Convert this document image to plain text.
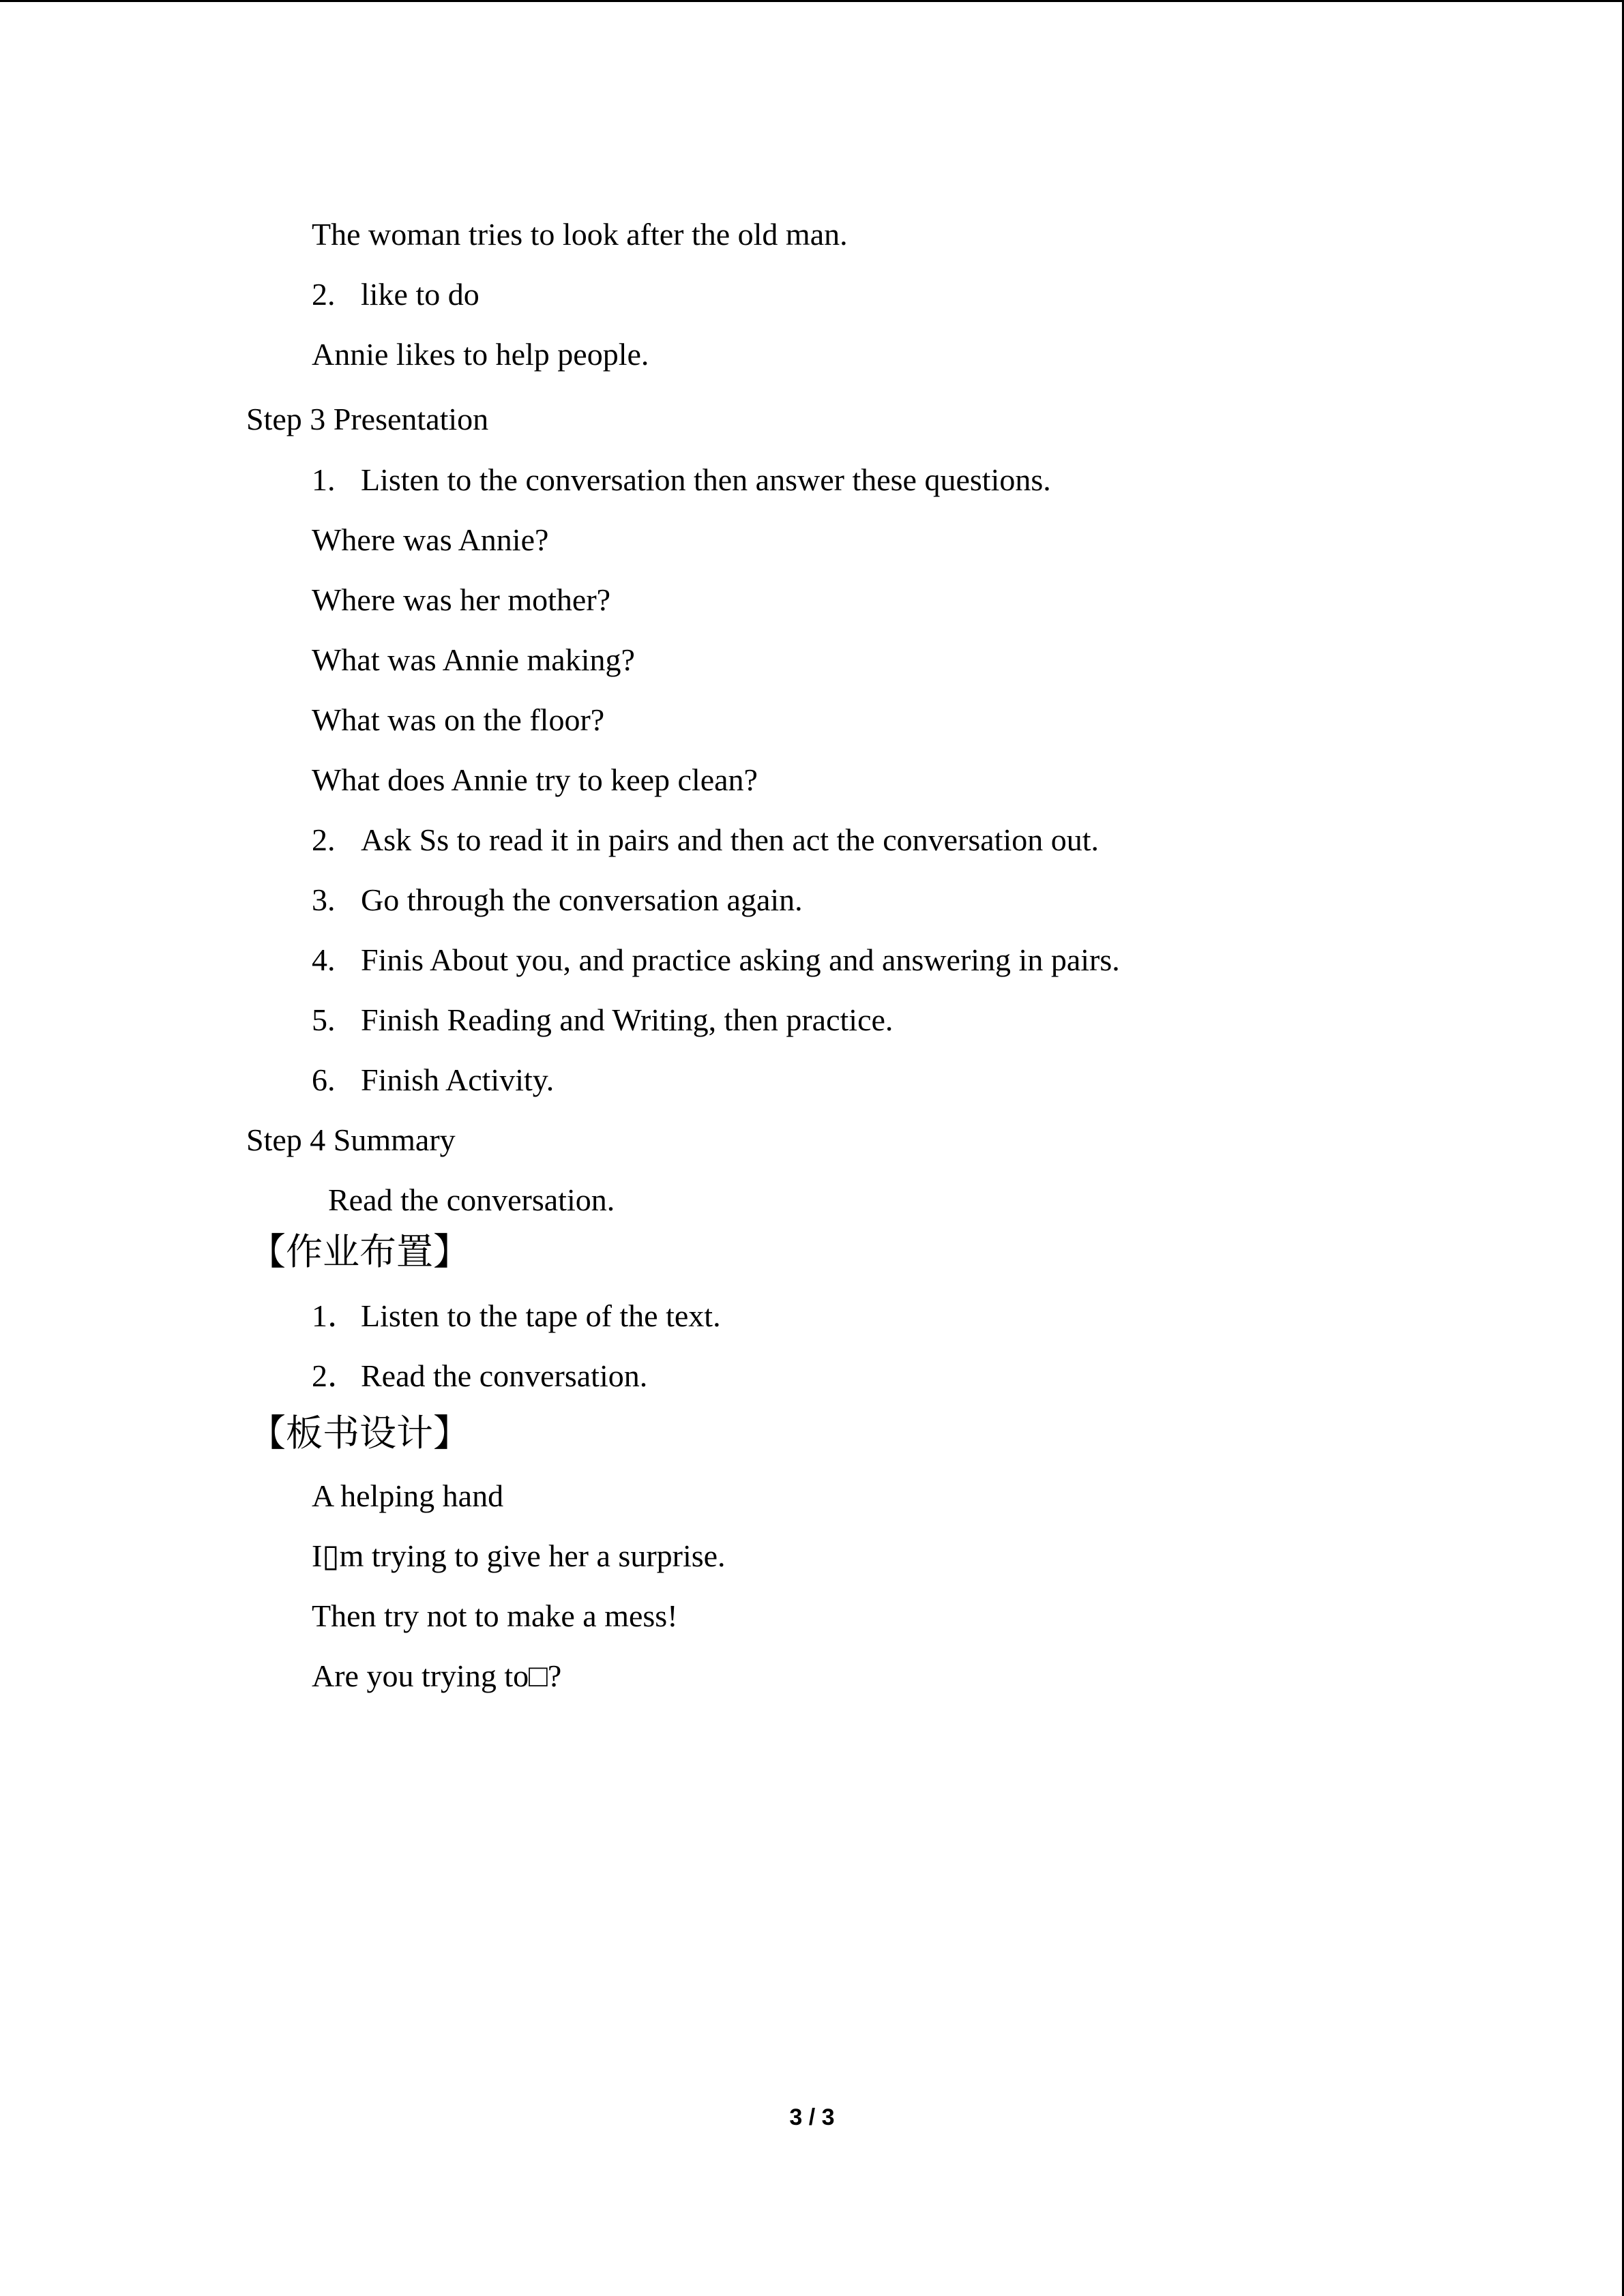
The woman tries to look after the old man.
2. like to do
Annie likes to help people.
Step 3 Presentation
1. Listen to the conversation then answer these questions.
Where was Annie?
Where was her mother?
What was Annie making?
What was on the floor?
What does Annie try to keep clean?
2. Ask Ss to read it in pairs and then act the conversation out.
3. Go through the conversation again.
4. Finis About you, and practice asking and answering in pairs.
5. Finish Reading and Writing, then practice.
6. Finish Activity.
Step 4 Summary
Read the conversation.
【作业布置】
1．Listen to the tape of the text.
2．Read the conversation.
【板书设计】
A helping hand
I▯m trying to give her a surprise.
Then try not to make a mess!
Are you trying to□?
3 / 3
